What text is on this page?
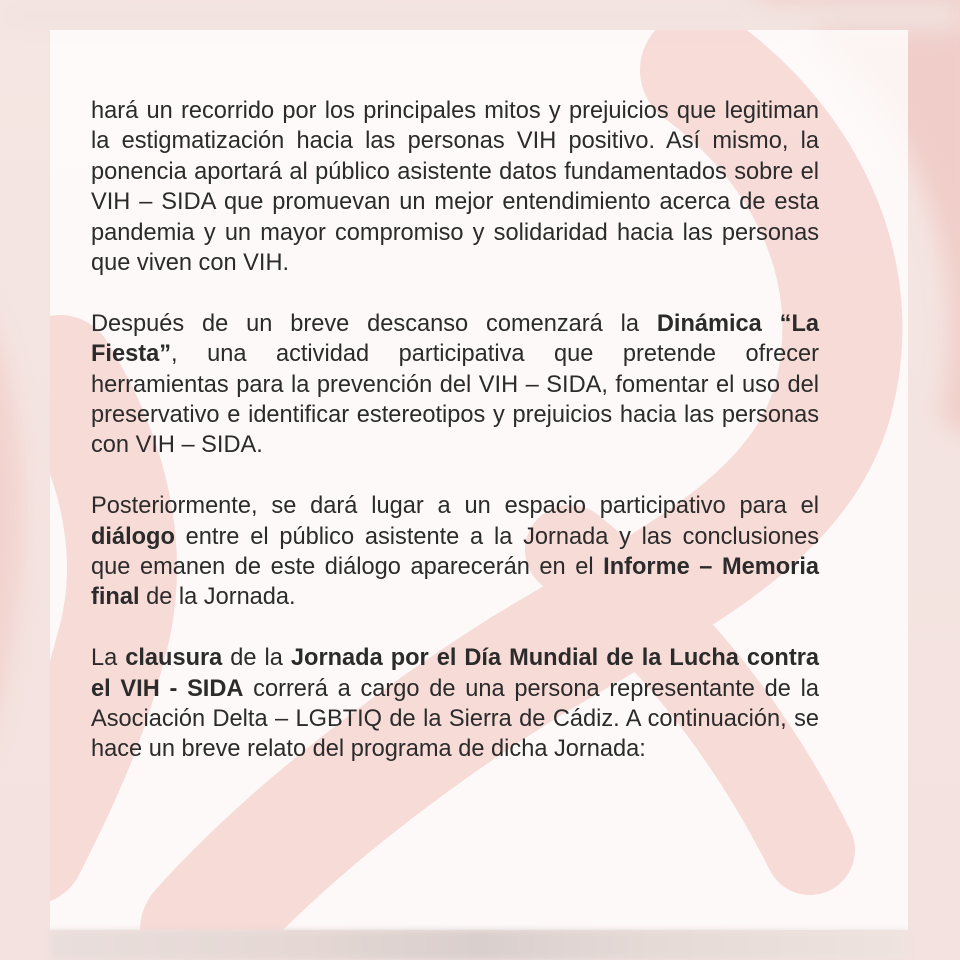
hará un recorrido por los principales mitos y prejuicios que legitiman la estigmatización hacia las personas VIH positivo. Así mismo, la ponencia aportará al público asistente datos fundamentados sobre el VIH – SIDA que promuevan un mejor entendimiento acerca de esta pandemia y un mayor compromiso y solidaridad hacia las personas que viven con VIH.

Después de un breve descanso comenzará la Dinámica “La Fiesta”, una actividad participativa que pretende ofrecer herramientas para la prevención del VIH – SIDA, fomentar el uso del preservativo e identificar estereotipos y prejuicios hacia las personas con VIH – SIDA.

Posteriormente, se dará lugar a un espacio participativo para el diálogo entre el público asistente a la Jornada y las conclusiones que emanen de este diálogo aparecerán en el Informe – Memoria final de la Jornada.

La clausura de la Jornada por el Día Mundial de la Lucha contra el VIH - SIDA correrá a cargo de una persona representante de la Asociación Delta – LGBTIQ de la Sierra de Cádiz. A continuación, se hace un breve relato del programa de dicha Jornada:
